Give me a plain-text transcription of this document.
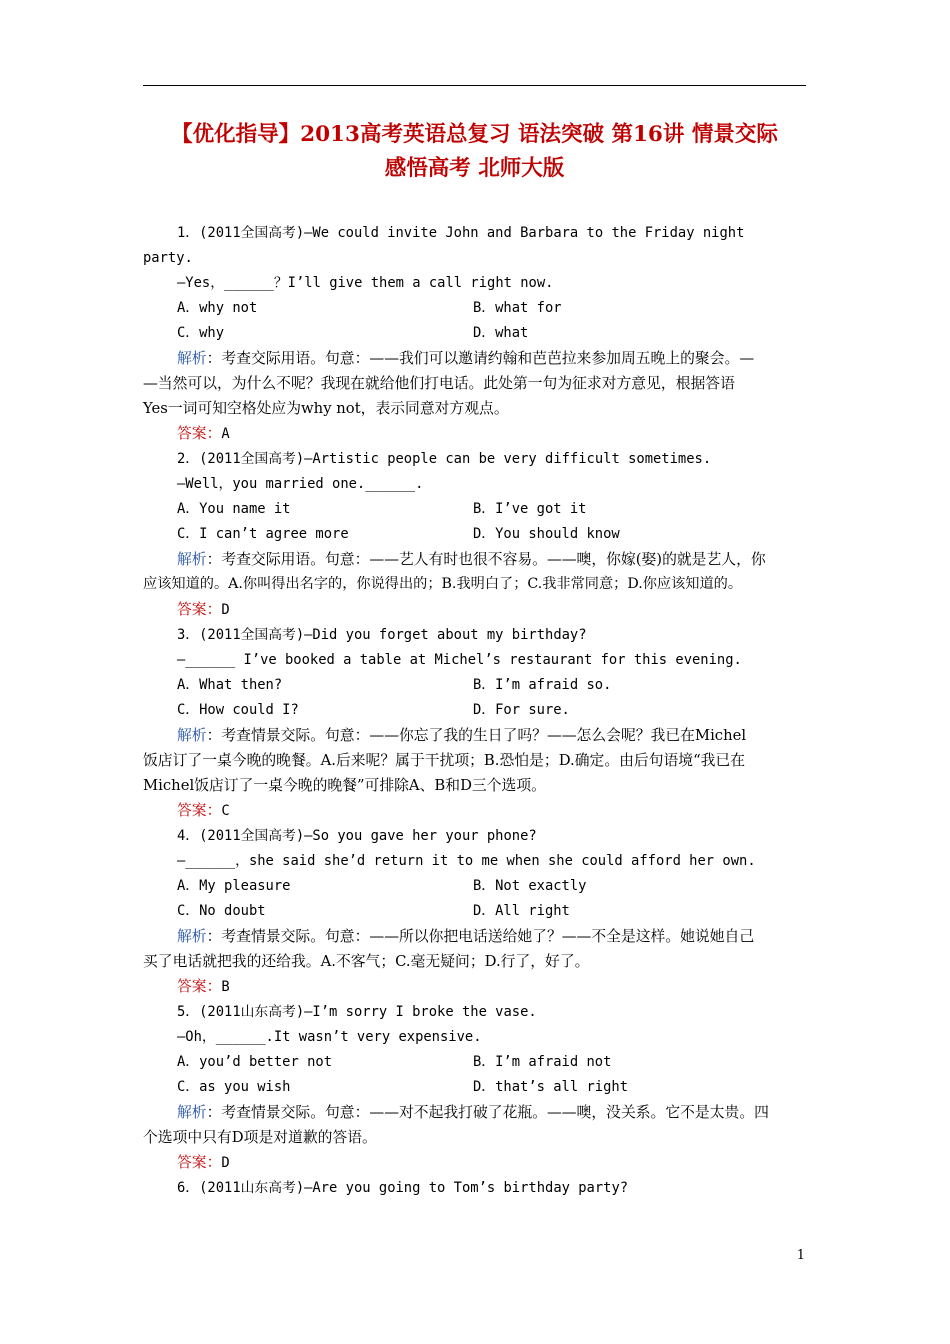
【优化指导】2013高考英语总复习 语法突破 第16讲 情景交际
感悟高考 北师大版
1．(2011全国高考)—We could invite John and Barbara to the Friday night
party.
—Yes，______？I’ll give them a call right now.
A．why not	B．what for
C．why	D．what
解析：考查交际用语。句意：——我们可以邀请约翰和芭芭拉来参加周五晚上的聚会。—
—当然可以，为什么不呢？我现在就给他们打电话。此处第一句为征求对方意见，根据答语
Yes一词可知空格处应为why not，表示同意对方观点。
答案：A
2．(2011全国高考)—Artistic people can be very difficult sometimes.
—Well，you married one.______.
A．You name it	B．I’ve got it
C．I can’t agree more	D．You should know
解析：考查交际用语。句意：——艺人有时也很不容易。——噢，你嫁(娶)的就是艺人，你
应该知道的。A.你叫得出名字的，你说得出的；B.我明白了；C.我非常同意；D.你应该知道的。
答案：D
3．(2011全国高考)—Did you forget about my birthday?
—______ I’ve booked a table at Michel’s restaurant for this evening.
A．What then?	B．I’m afraid so.
C．How could I?	D．For sure.
解析：考查情景交际。句意：——你忘了我的生日了吗？——怎么会呢？我已在Michel
饭店订了一桌今晚的晚餐。A.后来呢？属于干扰项；B.恐怕是；D.确定。由后句语境“我已在
Michel饭店订了一桌今晚的晚餐”可排除A、B和D三个选项。
答案：C
4．(2011全国高考)—So you gave her your phone?
—______，she said she’d return it to me when she could afford her own.
A．My pleasure	B．Not exactly
C．No doubt	D．All right
解析：考查情景交际。句意：——所以你把电话送给她了？——不全是这样。她说她自己
买了电话就把我的还给我。A.不客气；C.毫无疑问；D.行了，好了。
答案：B
5．(2011山东高考)—I’m sorry I broke the vase.
—Oh，______.It wasn’t very expensive.
A．you’d better not	B．I’m afraid not
C．as you wish	D．that’s all right
解析：考查情景交际。句意：——对不起我打破了花瓶。——噢，没关系。它不是太贵。四
个选项中只有D项是对道歉的答语。
答案：D
6．(2011山东高考)—Are you going to Tom’s birthday party?
1
